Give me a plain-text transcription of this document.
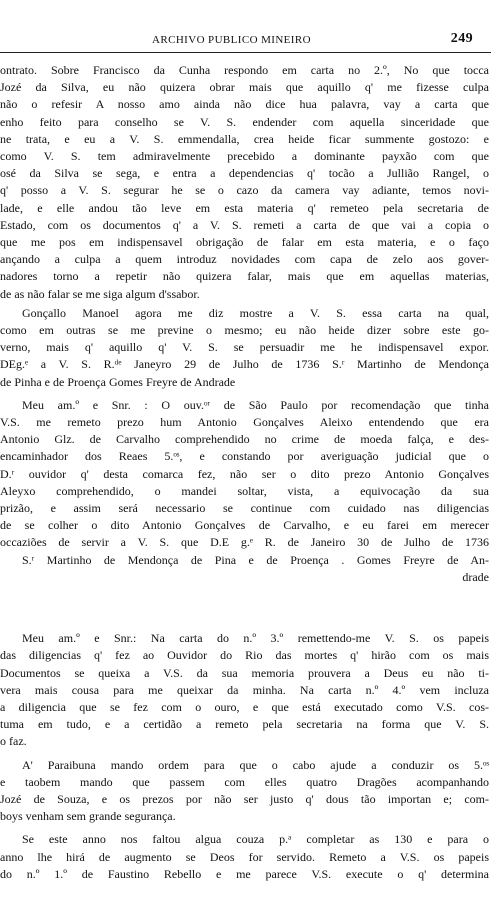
ARCHIVO PUBLICO MINEIRO	249
ontrato. Sobre Francisco da Cunha respondo em carta no 2.º, No que tocca
Jozé da Silva, eu não quizera obrar mais que aquillo q' me fizesse culpa
não o refesir A nosso amo ainda não dice hua palavra, vay a carta que
enho feito para conselho se V. S. endender com aquella sinceridade que
ne trata, e eu a V. S. emmendalla, crea heide ficar summente gostozo: e
como V. S. tem admiravelmente precebido a dominante payxão com que
osé da Silva se sega, e entra a dependencias q' tocão a Jullião Rangel, o
q' posso a V. S. segurar he se o cazo da camera vay adiante, temos novi-
lade, e elle andou tão leve em esta materia q' remeteo pela secretaria de
Estado, com os documentos q' a V. S. remeti a carta de que vai a copia o
que me pos em indispensavel obrigação de falar em esta materia, e o faço
ançando a culpa a quem introduz novidades com capa de zelo aos gover-
nadores torno a repetir não quizera falar, mais que em aquellas materias,
de as não falar se me siga algum d'ssabor.
Gonçallo Manoel agora me diz mostre a V. S. essa carta na qual,
como em outras se me previne o mesmo; eu não heidе dizer sobre este go-
verno, mais q' aquillo q' V. S. se persuadir me he indispensavel expor.
DEg.ᵉ a V. S. R.ᵈᵉ Janeyro 29 de Julho de 1736 S.ʳ Martinho de Mendonça
de Pinha e de Proença Gomes Freyre de Andrade
Meu am.º e Snr. : O ouv.ᵒʳ de São Paulo por recomendação que tinha
V.S. me remeto prezo hum Antonio Gonçalves Aleixo entendendo que era
Antonio Glz. de Carvalho comprehendido no crime de moeda falça, e des-
encaminhador dos Reaes 5.ᵒˢ, e constando por averiguação judicial que o
D.ʳ ouvidor q' desta comarca fez, não ser o dito prezo Antonio Gonçalves
Aleyxo comprehendido, o mandei soltar, vista, a equivocação da sua
prizão, e assim será necessario se continue com cuidado nas diligencias
de se colher o dito Antonio Gonçalves de Carvalho, e eu farei em merecer
occaziões de servir a V. S. que D.E g.ᵉ R. de Janeiro 30 de Julho de 1736
S.ʳ Martinho de Mendonça de Pina e de Proença . Gomes Freyre de An-
drade
Meu am.º e Snr.: Na carta do n.º 3.º remettendo-me V. S. os papeis
das diligencias q' fez ao Ouvidor do Rio das mortes q' hirão com os mais
Documentos se queixa a V.S. da sua memoria prouvera a Deus eu não ti-
vera mais cousa para me queixar da minha. Na carta n.º 4.º vem incluza
a diligencia que se fez com o ouro, e que está executado como V.S. cos-
tuma em tudo, e a certidão a remeto pela secretaria na forma que V. S.
o faz.
A' Paraibuna mando ordem para que o cabo ajude a conduzir os 5.ᵒˢ
e taobem mando que passem com elles quatro Dragões acompanhando
Jozé de Souza, e os prezos por não ser justo q' dous tão importan e; com-
boys venham sem grande segurança.
Se este anno nos faltou algua couza p.ᵃ completar as 130 e para o
anno lhe hirá de augmento se Deos for servido. Remeto a V.S. os papeis
do n.º 1.º de Faustino Rebello e me parece V.S. execute o q' determina
